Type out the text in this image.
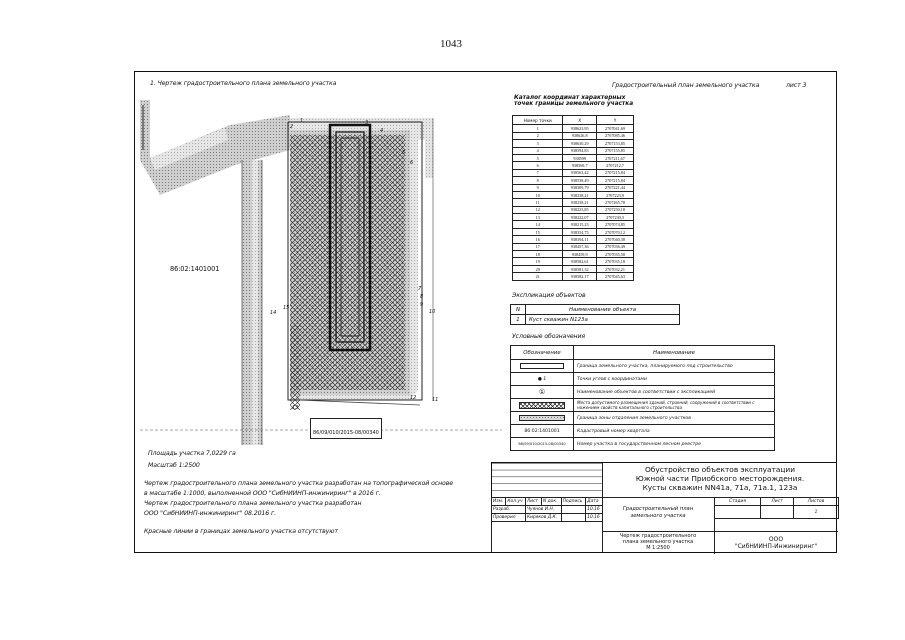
1043
1. Чертеж градостроительного плана земельного участка	Градостроительный план земельного участка	лист 3
86:02:1401001
15
14
13
12	11
10
9
8
7
6
5
4
3
2
1
86/09/010/2015-08/00340
Каталог координат характерных
точек границы земельного участка
Номер точки	X	Y
1	938623,95	2707041,69
2	938626,8	2707085,46
3	938630,29	2707153,85
4	938594,83	2707155,85
5	938599	2707211,67
6	938569,7	2707212,7
7	938563,42	2707215,84
8	938538,49	2707215,84
9	938309,79	2707221,44
10	938238,21	2707223,9
11	938238,21	2707265,78
12	938223,85	2707250,18
13	938222,07	2707230,3
14	938215,23	2707074,85
15	938354,75	2707070,12
16	938394,11	2707040,38
17	938457,36	2707036,49
18	938459,9	2707035,58
19	938582,61	2707035,18
20	938581,32	2707032,21
21	938582,17	2707045,63
Экспликация объектов
N	Наименование объекта
1	Куст скважин N123а
Условные обозначения
Обозначение	Наименование

	Граница земельного участка, планируемого под строительство
● 1	Точки углов с координатами
①	Наименование объектов в соответствии с экспликацией

	Места допустимого размещения зданий, строений, сооружений в соответствии с ножением свойств капитального строительства

	Граница зоны отдаления земельного участков
86:02:1401001	Кадастровый номер квартала
86/09/010/2015-08/00340	Номер участка в государственном лесном реестре
Площадь участка 7,0229 га
Масштаб 1:2500
Чертеж градостроительного плана земельного участка разработан на топографической основе
в масштабе 1:1000, выполненной ООО "СибНИИНП-инжиниринг" в 2016 г.
Чертеж градостроительного плана земельного участка разработан
ООО "СибНИИНП-инжиниринг" 08.2016 г.
Красные линии в границах земельного участка отсутствуют
Обустройство объектов эксплуатации
Южной части Приобского месторождения.
Кусты скважин NN41а, 71а, 71а.1, 123а
Изм.	Кол.уч	Лист	N док.	Подпись	Дата
Разраб.		Чуянов И.Н.			10.16
Проверил		Киряков Д.К.			10.16

Градостроительный план
земельного участка
Стадия	Лист	Листов
		1
Чертеж градостроительного
плана земельного участка
М 1:2500
ООО
"СибНИИНП-Инжиниринг"
